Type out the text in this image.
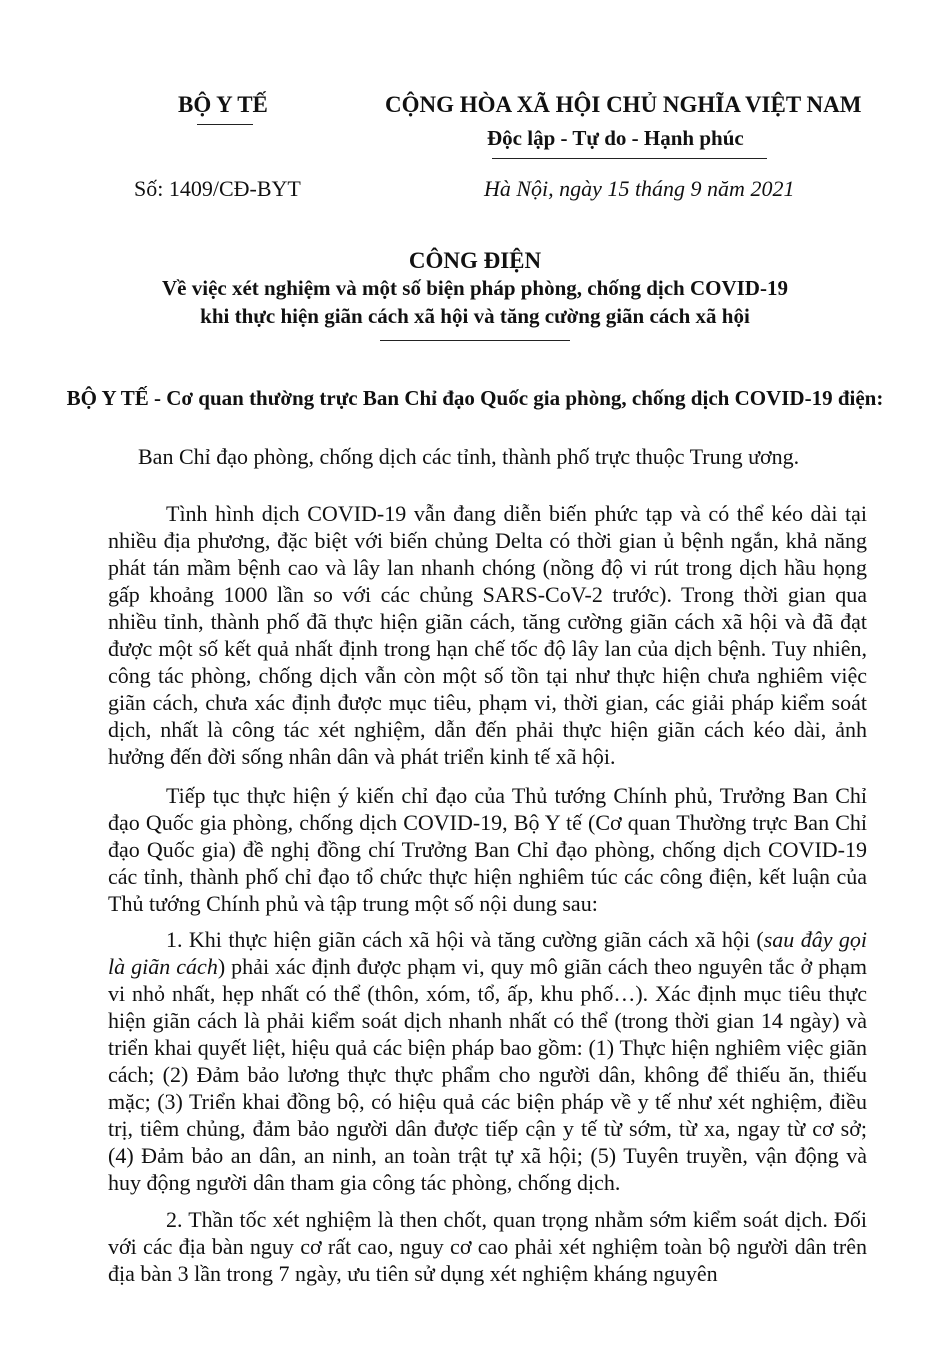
BỘ Y TẾ	CỘNG HÒA XÃ HỘI CHỦ NGHĨA VIỆT NAM
Độc lập - Tự do - Hạnh phúc
Số: 1409/CĐ-BYT	Hà Nội, ngày 15 tháng 9 năm 2021
CÔNG ĐIỆN
Về việc xét nghiệm và một số biện pháp phòng, chống dịch COVID-19
khi thực hiện giãn cách xã hội và tăng cường giãn cách xã hội
BỘ Y TẾ - Cơ quan thường trực Ban Chỉ đạo Quốc gia phòng, chống dịch COVID-19 điện:
Ban Chỉ đạo phòng, chống dịch các tỉnh, thành phố trực thuộc Trung ương.

Tình hình dịch COVID-19 vẫn đang diễn biến phức tạp và có thể kéo dài tại nhiều địa phương, đặc biệt với biến chủng Delta có thời gian ủ bệnh ngắn, khả năng phát tán mầm bệnh cao và lây lan nhanh chóng (nồng độ vi rút trong dịch hầu họng gấp khoảng 1000 lần so với các chủng SARS-CoV-2 trước). Trong thời gian qua nhiều tỉnh, thành phố đã thực hiện giãn cách, tăng cường giãn cách xã hội và đã đạt được một số kết quả nhất định trong hạn chế tốc độ lây lan của dịch bệnh. Tuy nhiên, công tác phòng, chống dịch vẫn còn một số tồn tại như thực hiện chưa nghiêm việc giãn cách, chưa xác định được mục tiêu, phạm vi, thời gian, các giải pháp kiểm soát dịch, nhất là công tác xét nghiệm, dẫn đến phải thực hiện giãn cách kéo dài, ảnh hưởng đến đời sống nhân dân và phát triển kinh tế xã hội.

Tiếp tục thực hiện ý kiến chỉ đạo của Thủ tướng Chính phủ, Trưởng Ban Chỉ đạo Quốc gia phòng, chống dịch COVID-19, Bộ Y tế (Cơ quan Thường trực Ban Chỉ đạo Quốc gia) đề nghị đồng chí Trưởng Ban Chỉ đạo phòng, chống dịch COVID-19 các tỉnh, thành phố chỉ đạo tổ chức thực hiện nghiêm túc các công điện, kết luận của Thủ tướng Chính phủ và tập trung một số nội dung sau:

1. Khi thực hiện giãn cách xã hội và tăng cường giãn cách xã hội (sau đây gọi là giãn cách) phải xác định được phạm vi, quy mô giãn cách theo nguyên tắc ở phạm vi nhỏ nhất, hẹp nhất có thể (thôn, xóm, tổ, ấp, khu phố…). Xác định mục tiêu thực hiện giãn cách là phải kiểm soát dịch nhanh nhất có thể (trong thời gian 14 ngày) và triển khai quyết liệt, hiệu quả các biện pháp bao gồm: (1) Thực hiện nghiêm việc giãn cách; (2) Đảm bảo lương thực thực phẩm cho người dân, không để thiếu ăn, thiếu mặc; (3) Triển khai đồng bộ, có hiệu quả các biện pháp về y tế như xét nghiệm, điều trị, tiêm chủng, đảm bảo người dân được tiếp cận y tế từ sớm, từ xa, ngay từ cơ sở; (4) Đảm bảo an dân, an ninh, an toàn trật tự xã hội; (5) Tuyên truyền, vận động và huy động người dân tham gia công tác phòng, chống dịch.

2. Thần tốc xét nghiệm là then chốt, quan trọng nhằm sớm kiểm soát dịch. Đối với các địa bàn nguy cơ rất cao, nguy cơ cao phải xét nghiệm toàn bộ người dân trên địa bàn 3 lần trong 7 ngày, ưu tiên sử dụng xét nghiệm kháng nguyên
